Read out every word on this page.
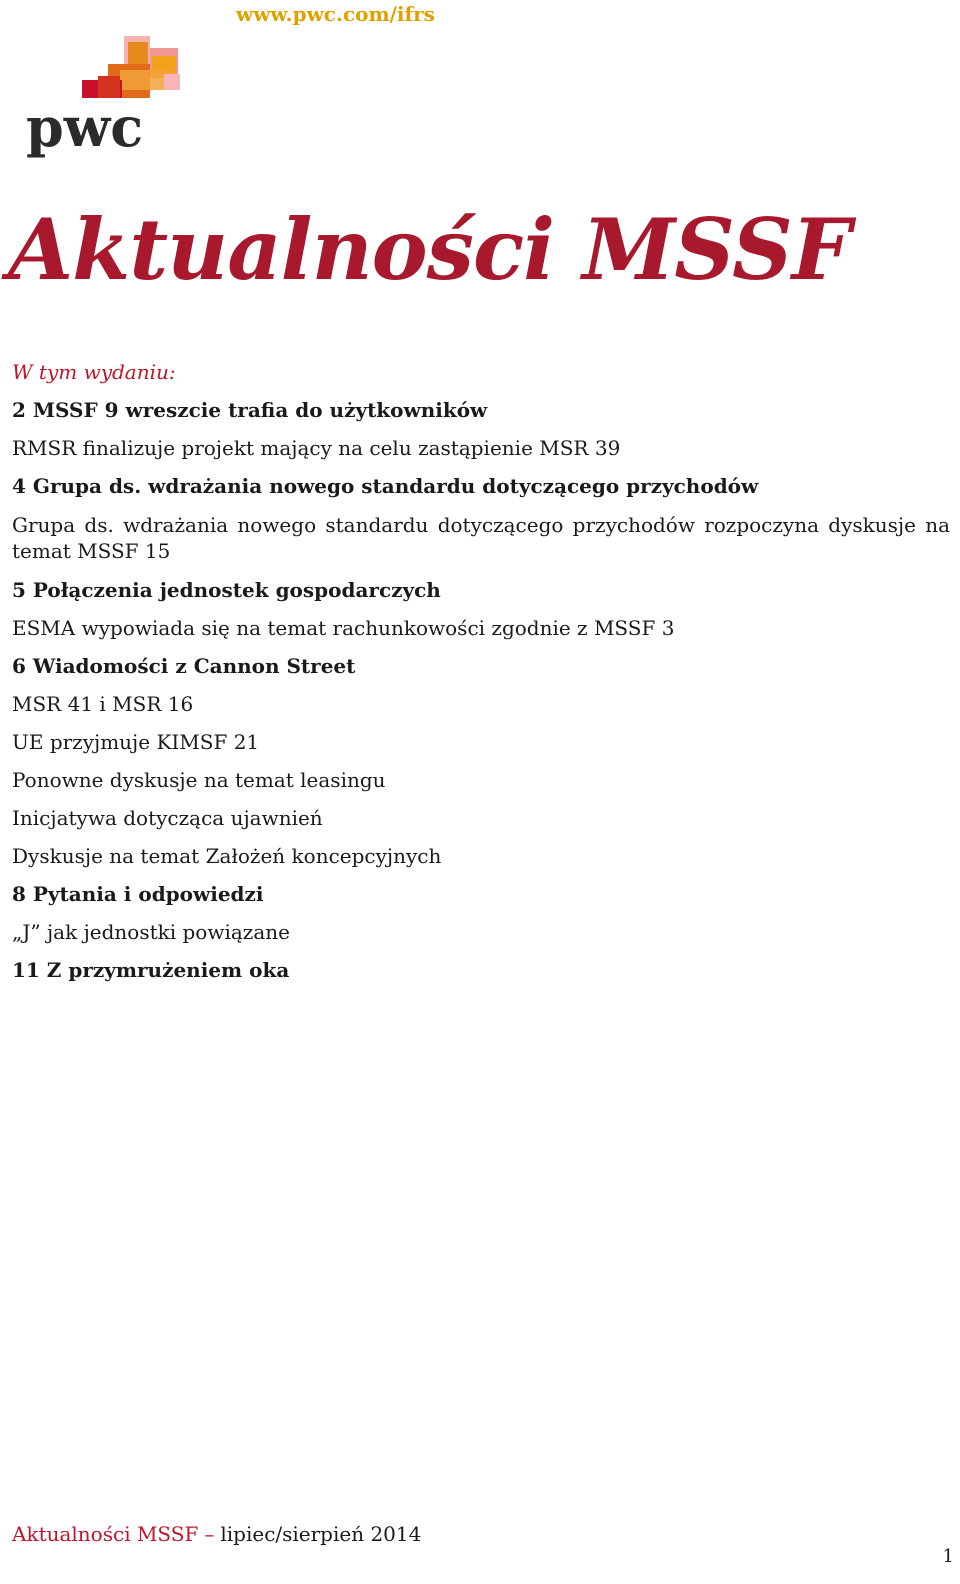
www.pwc.com/ifrs
pwc
Aktualności MSSF
W tym wydaniu:
2 MSSF 9 wreszcie trafia do użytkowników
RMSR finalizuje projekt mający na celu zastąpienie MSR 39
4 Grupa ds. wdrażania nowego standardu dotyczącego przychodów
Grupa ds. wdrażania nowego standardu dotyczącego przychodów rozpoczyna dyskusje na temat MSSF 15
5 Połączenia jednostek gospodarczych
ESMA wypowiada się na temat rachunkowości zgodnie z MSSF 3
6 Wiadomości z Cannon Street
MSR 41 i MSR 16
UE przyjmuje KIMSF 21
Ponowne dyskusje na temat leasingu
Inicjatywa dotycząca ujawnień
Dyskusje na temat Założeń koncepcyjnych
8 Pytania i odpowiedzi
„J” jak jednostki powiązane
11 Z przymrużeniem oka
Aktualności MSSF – lipiec/sierpień 2014
1
